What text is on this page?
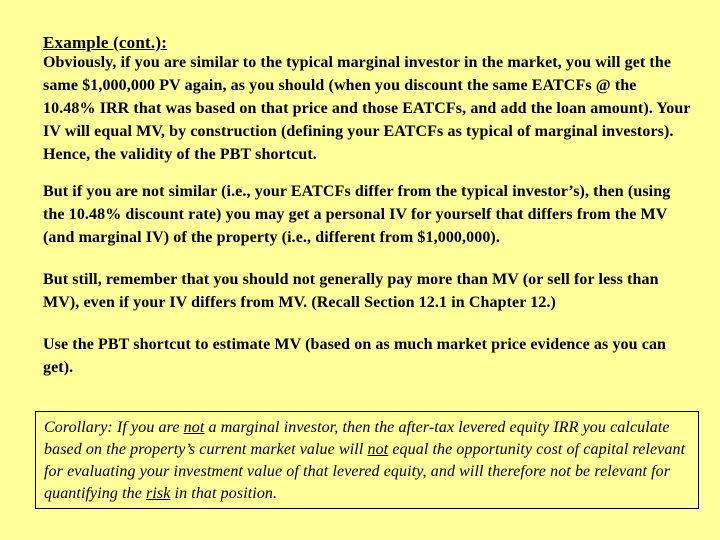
Example (cont.):
Obviously, if you are similar to the typical marginal investor in the market, you will get the same $1,000,000 PV again, as you should (when you discount the same EATCFs @ the 10.48% IRR that was based on that price and those EATCFs, and add the loan amount). Your IV will equal MV, by construction (defining your EATCFs as typical of marginal investors). Hence, the validity of the PBT shortcut.
But if you are not similar (i.e., your EATCFs differ from the typical investor’s), then (using the 10.48% discount rate) you may get a personal IV for yourself that differs from the MV (and marginal IV) of the property (i.e., different from $1,000,000).
But still, remember that you should not generally pay more than MV (or sell for less than MV), even if your IV differs from MV. (Recall Section 12.1 in Chapter 12.)
Use the PBT shortcut to estimate MV (based on as much market price evidence as you can get).
Corollary: If you are not a marginal investor, then the after-tax levered equity IRR you calculate based on the property’s current market value will not equal the opportunity cost of capital relevant for evaluating your investment value of that levered equity, and will therefore not be relevant for quantifying the risk in that position.
